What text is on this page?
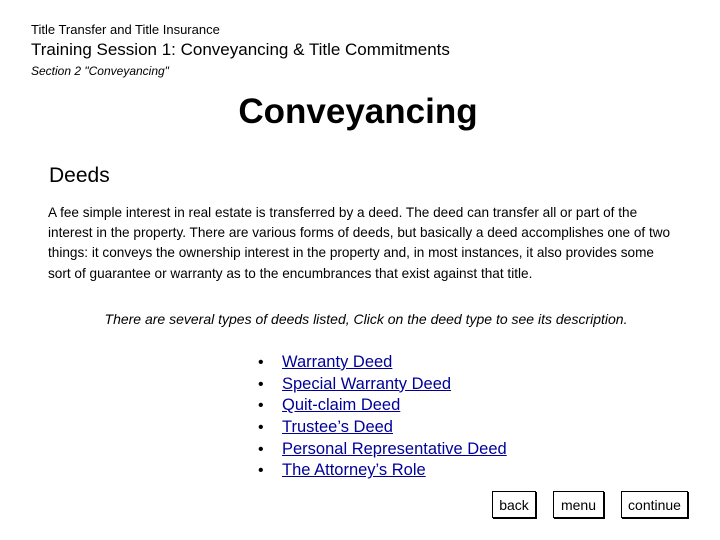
Title Transfer and Title Insurance
Training Session 1: Conveyancing & Title Commitments
Section 2 "Conveyancing"
Conveyancing
Deeds

A fee simple interest in real estate is transferred by a deed. The deed can transfer all or part of the interest in the property. There are various forms of deeds, but basically a deed accomplishes one of two things: it conveys the ownership interest in the property and, in most instances, it also provides some sort of guarantee or warranty as to the encumbrances that exist against that title.

There are several types of deeds listed, Click on the deed type to see its description.
• Warranty Deed
• Special Warranty Deed
• Quit-claim Deed
• Trustee’s Deed
• Personal Representative Deed
• The Attorney’s Role
back	menu	continue
